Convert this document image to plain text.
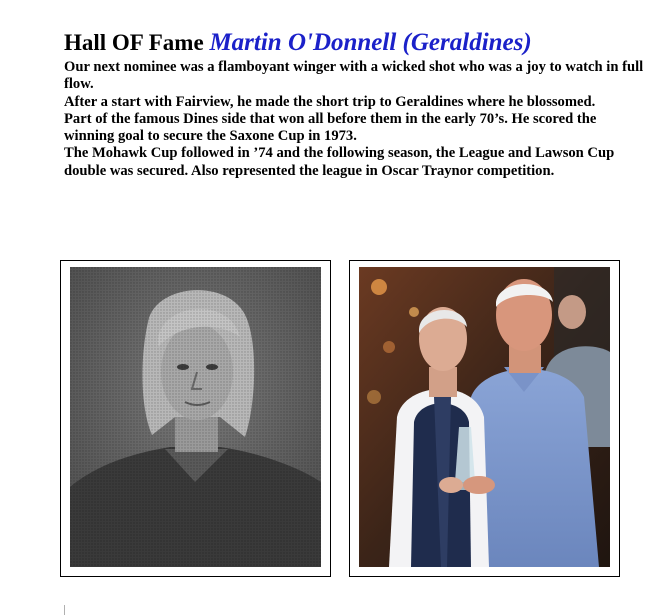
Hall OF Fame Martin O'Donnell (Geraldines)

Our next nominee was a flamboyant winger with a wicked shot who was a joy to watch in full flow.

After a start with Fairview, he made the short trip to Geraldines where he blossomed.

Part of the famous Dines side that won all before them in the early 70’s. He scored the winning goal to secure the Saxone Cup in 1973.

The Mohawk Cup followed in ’74 and the following season, the League and Lawson Cup double was secured. Also represented the league in Oscar Traynor competition.
